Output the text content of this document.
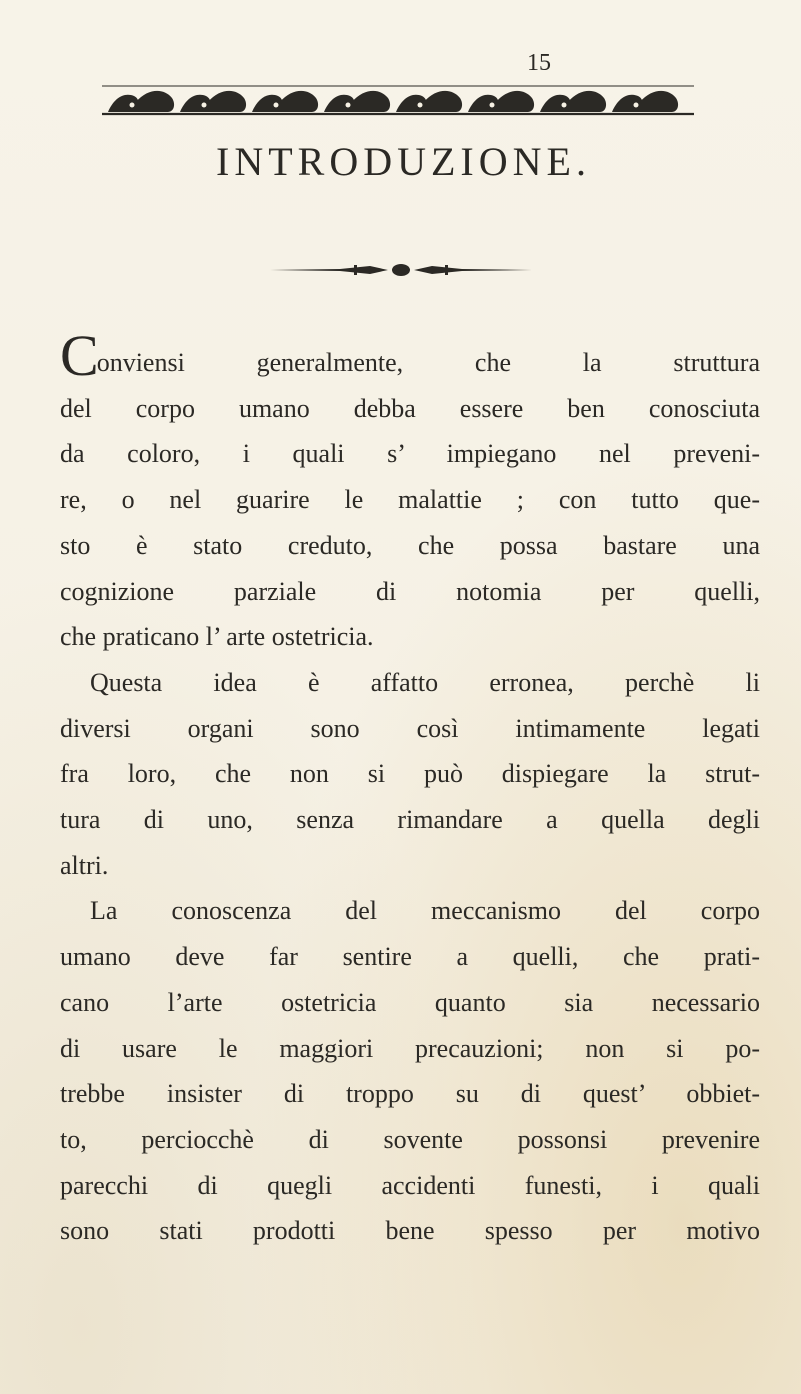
15
INTRODUZIONE.
Conviensi generalmente, che la struttura
del corpo umano debba essere ben conosciuta
da coloro, i quali s’ impiegano nel preveni-
re, o nel guarire le malattie ; con tutto que-
sto è stato creduto, che possa bastare una
cognizione parziale di notomia per quelli,
che praticano l’ arte ostetricia.
Questa idea è affatto erronea, perchè li
diversi organi sono così intimamente legati
fra loro, che non si può dispiegare la strut-
tura di uno, senza rimandare a quella degli
altri.
La conoscenza del meccanismo del corpo
umano deve far sentire a quelli, che prati-
cano l’arte ostetricia quanto sia necessario
di usare le maggiori precauzioni; non si po-
trebbe insister di troppo su di quest’ obbiet-
to, perciocchè di sovente possonsi prevenire
parecchi di quegli accidenti funesti, i quali
sono stati prodotti bene spesso per motivo
